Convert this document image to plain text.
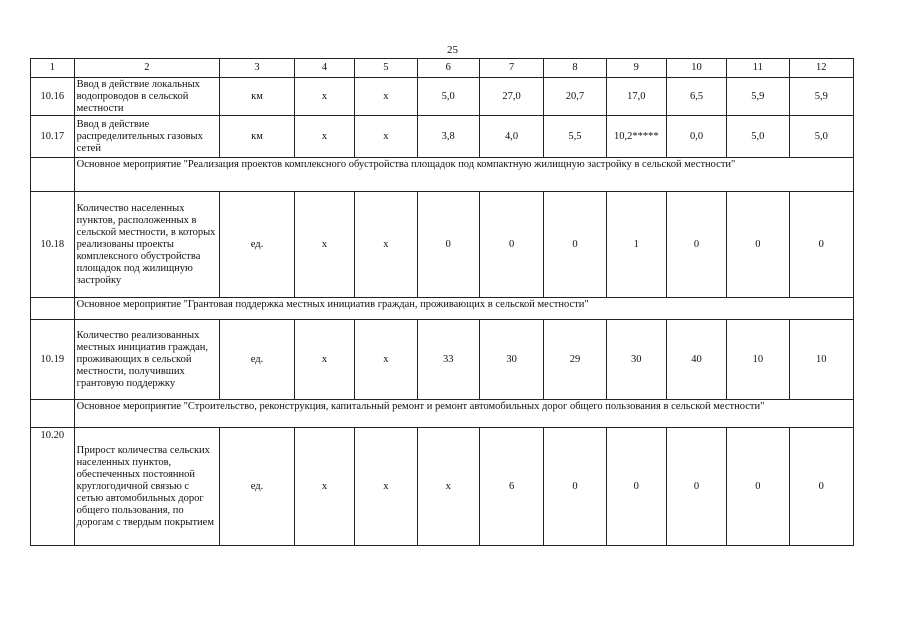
25
1	2	3	4	5	6	7	8	9	10	11	12
10.16	Ввод в действие локальных водопроводов в сельской местности	км	х	х	5,0	27,0	20,7	17,0	6,5	5,9	5,9
10.17	Ввод в действие распределительных газовых сетей	км	х	х	3,8	4,0	5,5	10,2*****	0,0	5,0	5,0
	Основное мероприятие "Реализация проектов комплексного обустройства площадок под компактную жилищную застройку в сельской местности"										
10.18	Количество населенных пунктов, расположенных в сельской местности, в которых реализованы проекты комплексного обустройства площадок под жилищную застройку	ед.	х	х	0	0	0	1	0	0	0
	Основное мероприятие "Грантовая поддержка местных инициатив граждан, проживающих в сельской местности"										
10.19	Количество реализованных местных инициатив граждан, проживающих в сельской местности, получивших грантовую поддержку	ед.	х	х	33	30	29	30	40	10	10
	Основное мероприятие "Строительство, реконструкция, капитальный ремонт и ремонт автомобильных дорог общего пользования в сельской местности"										
10.20	Прирост количества сельских населенных пунктов, обеспеченных постоянной круглогодичной связью с сетью автомобильных дорог общего пользования, по дорогам с твердым покрытием	ед.	х	х	х	6	0	0	0	0	0
